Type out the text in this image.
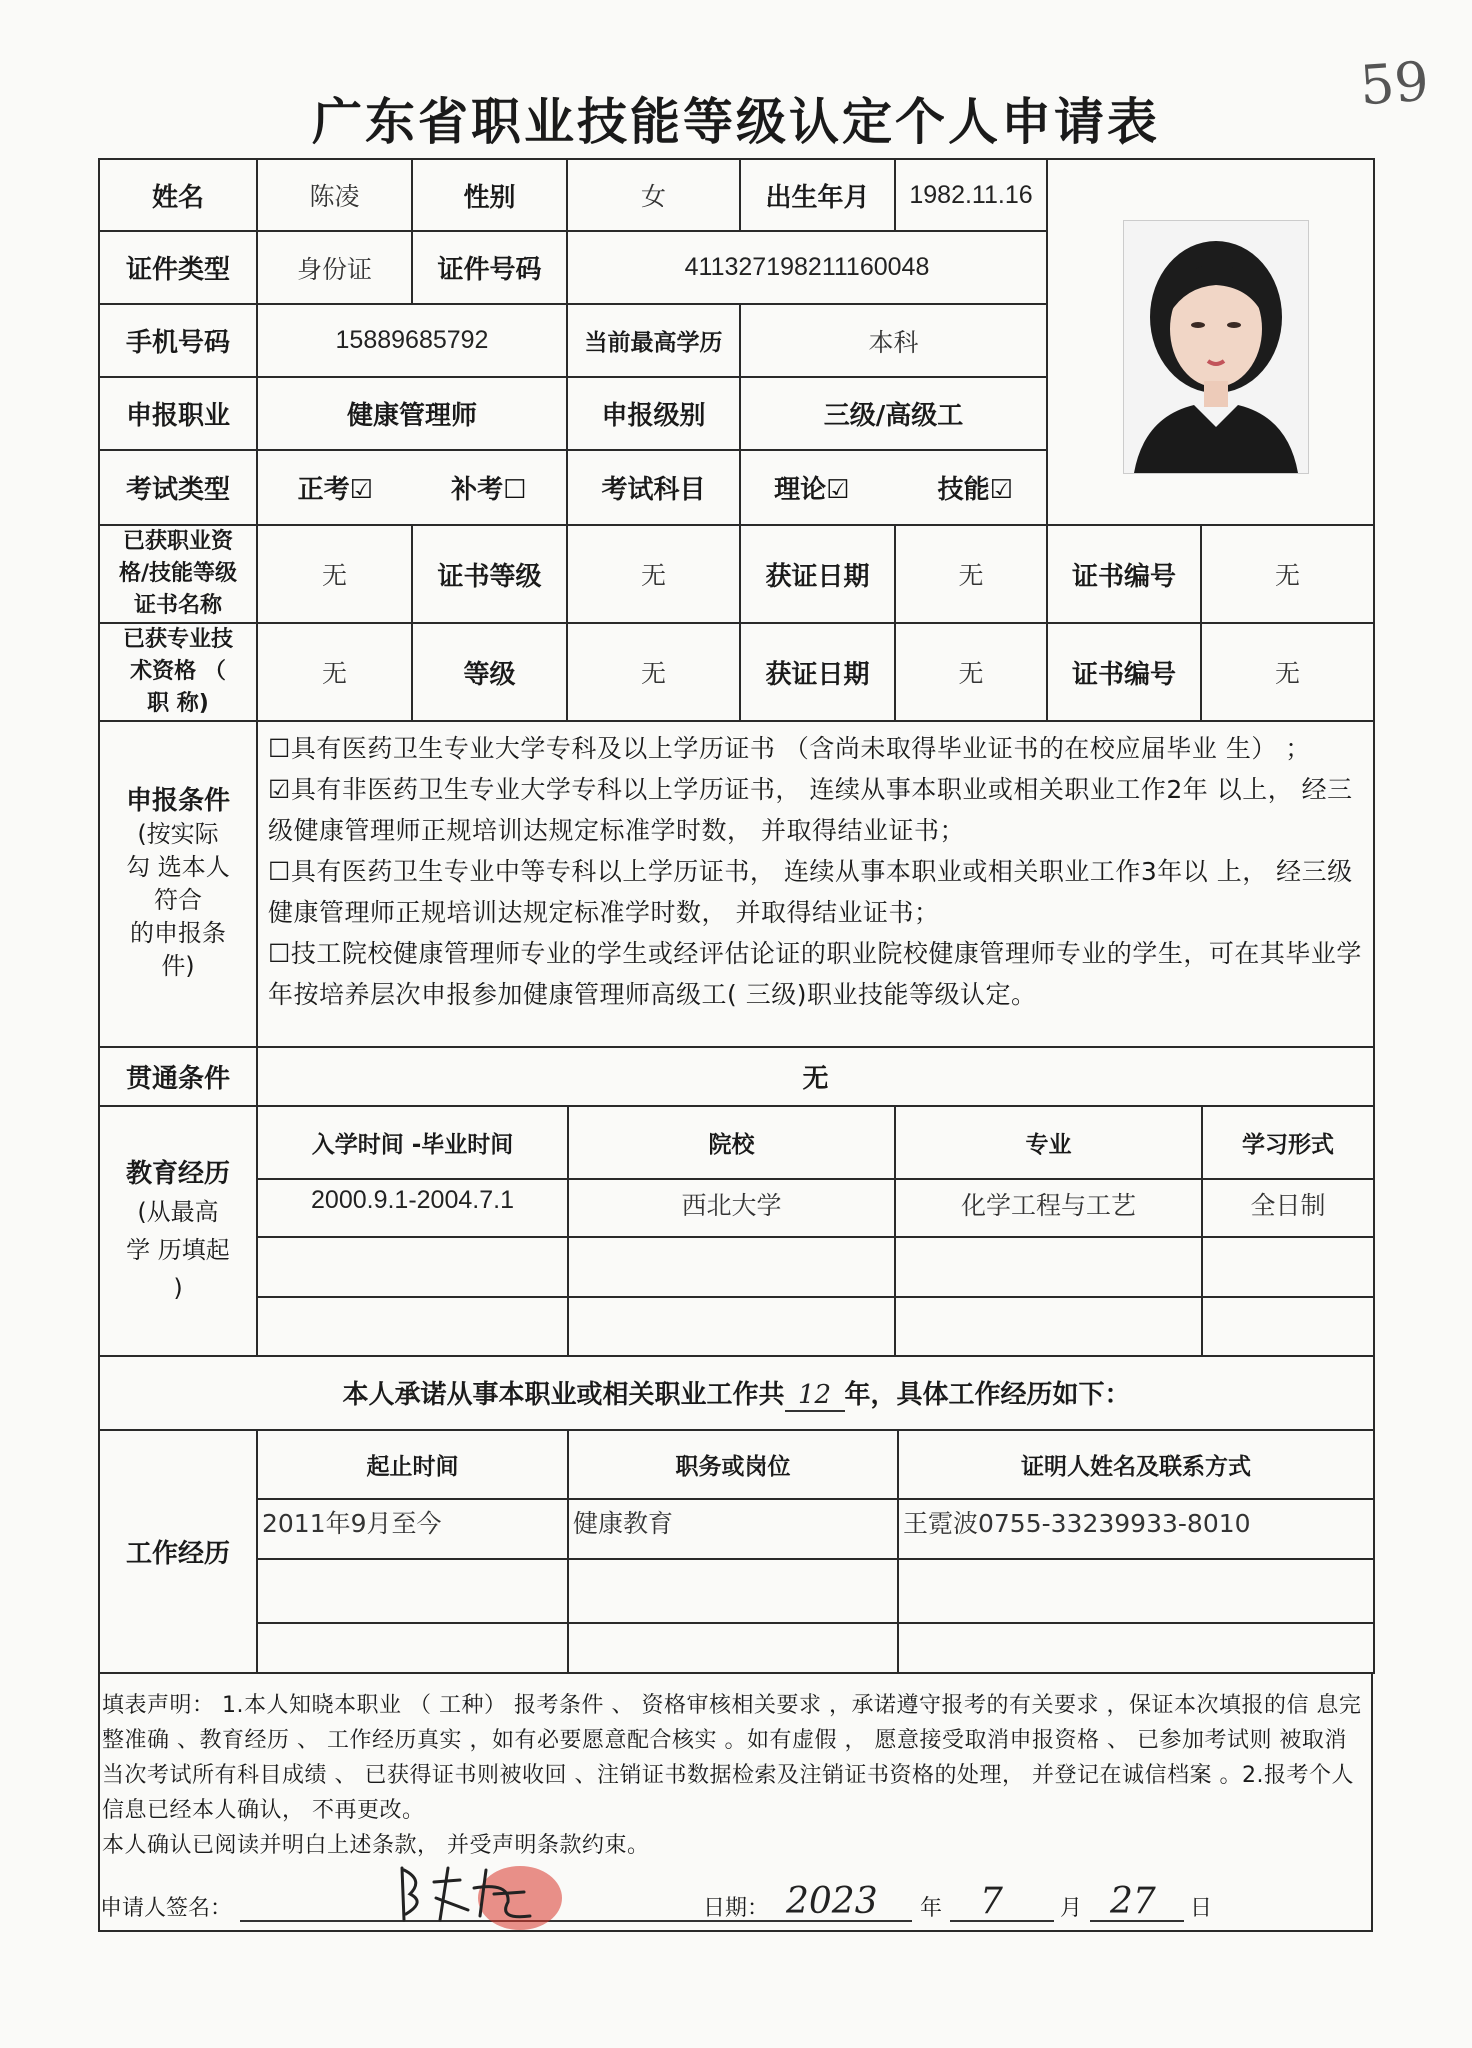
59
广东省职业技能等级认定个人申请表
姓名	陈凌	性别	女	出生年月	1982.11.16	
证件类型	身份证	证件号码	411327198211160048
手机号码	15889685792	当前最高学历	本科
申报职业	健康管理师	申报级别	三级/高级工
考试类型	正考☑	补考☐	考试科目	理论☑	技能☑

已获职业资
格/技能等级
证书名称
	无	证书等级	无	获证日期	无	证书编号	无

已获专业技
术资格 （
职 称)
	无	等级	无	获证日期	无	证书编号	无

申报条件
(按实际
勾 选本人
符合
的申报条
件)

☐具有医药卫生专业大学专科及以上学历证书 （含尚未取得毕业证书的在校应届毕业 生） ；

☑具有非医药卫生专业大学专科以上学历证书， 连续从事本职业或相关职业工作2年 以上， 经三级健康管理师正规培训达规定标准学时数， 并取得结业证书；

☐具有医药卫生专业中等专科以上学历证书， 连续从事本职业或相关职业工作3年以 上， 经三级健康管理师正规培训达规定标准学时数， 并取得结业证书；

☐技工院校健康管理师专业的学生或经评估论证的职业院校健康管理师专业的学生，可在其毕业学年按培养层次申报参加健康管理师高级工( 三级)职业技能等级认定。

贯通条件	无

教育经历
(从最高
学 历填起
)

入学时间 -毕业时间	院校	专业	学习形式
2000.9.1-2004.7.1	西北大学	化学工程与工艺	全日制

本人承诺从事本职业或相关职业工作共 12 年，具体工作经历如下：
工作经历	
起止时间	职务或岗位	证明人姓名及联系方式
2011年9月至今	健康教育	王霓波0755-33239933-8010

填表声明： 1.本人知晓本职业 （ 工种） 报考条件 、 资格审核相关要求 ，承诺遵守报考的有关要求 ，保证本次填报的信 息完整准确 、教育经历 、 工作经历真实 ，如有必要愿意配合核实 。如有虚假 ， 愿意接受取消申报资格 、 已参加考试则 被取消当次考试所有科目成绩 、 已获得证书则被收回 、注销证书数据检索及注销证书资格的处理， 并登记在诚信档案 。2.报考个人信息已经本人确认， 不再更改。

本人确认已阅读并明白上述条款， 并受声明条款约束。

申请人签名：	日期： 2023 年 7	月 27 日
